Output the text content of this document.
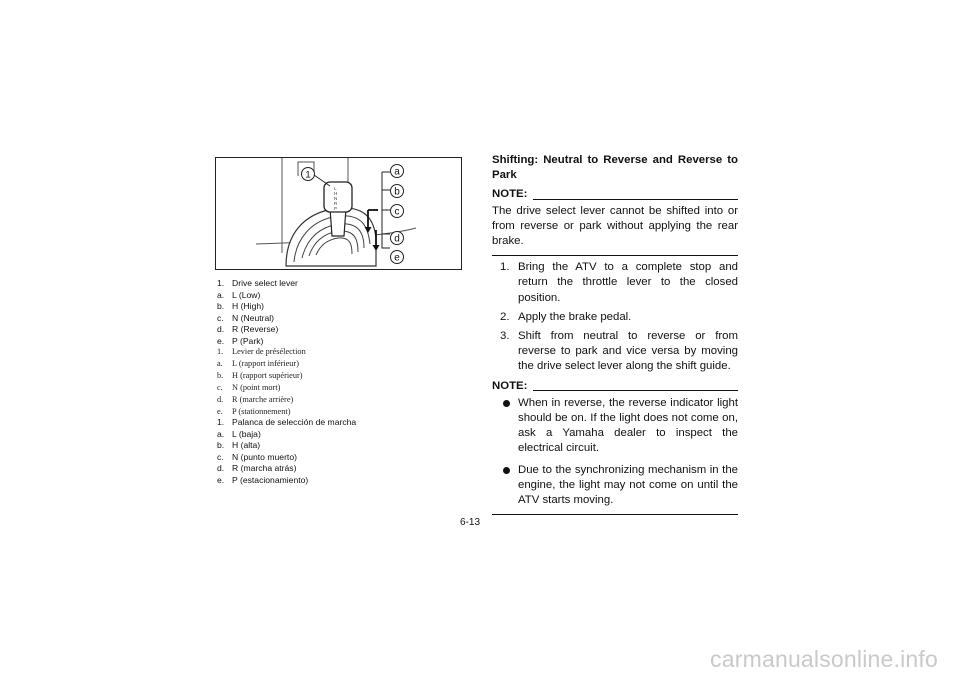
L
H
N
R
P
1	a
b
c
d
e
1. Drive select lever
a. L (Low)
b. H (High)
c. N (Neutral)
d. R (Reverse)
e. P (Park)
1. Levier de présélection
a. L (rapport inférieur)
b. H (rapport supérieur)
c. N (point mort)
d. R (marche arrière)
e. P (stationnement)
1. Palanca de selección de marcha
a. L (baja)
b. H (alta)
c. N (punto muerto)
d. R (marcha atrás)
e. P (estacionamiento)

Shifting: Neutral to Reverse and Reverse to Park

NOTE:

The drive select lever cannot be shifted into or from reverse or park without applying the rear brake.

1. Bring the ATV to a complete stop and return the throttle lever to the closed position.
2. Apply the brake pedal.
3. Shift from neutral to reverse or from reverse to park and vice versa by moving the drive select lever along the shift guide.
NOTE:
When in reverse, the reverse indicator light should be on. If the light does not come on, ask a Yamaha dealer to inspect the electrical circuit.
Due to the synchronizing mechanism in the engine, the light may not come on until the ATV starts moving.
6-13
carmanualsonline.info
